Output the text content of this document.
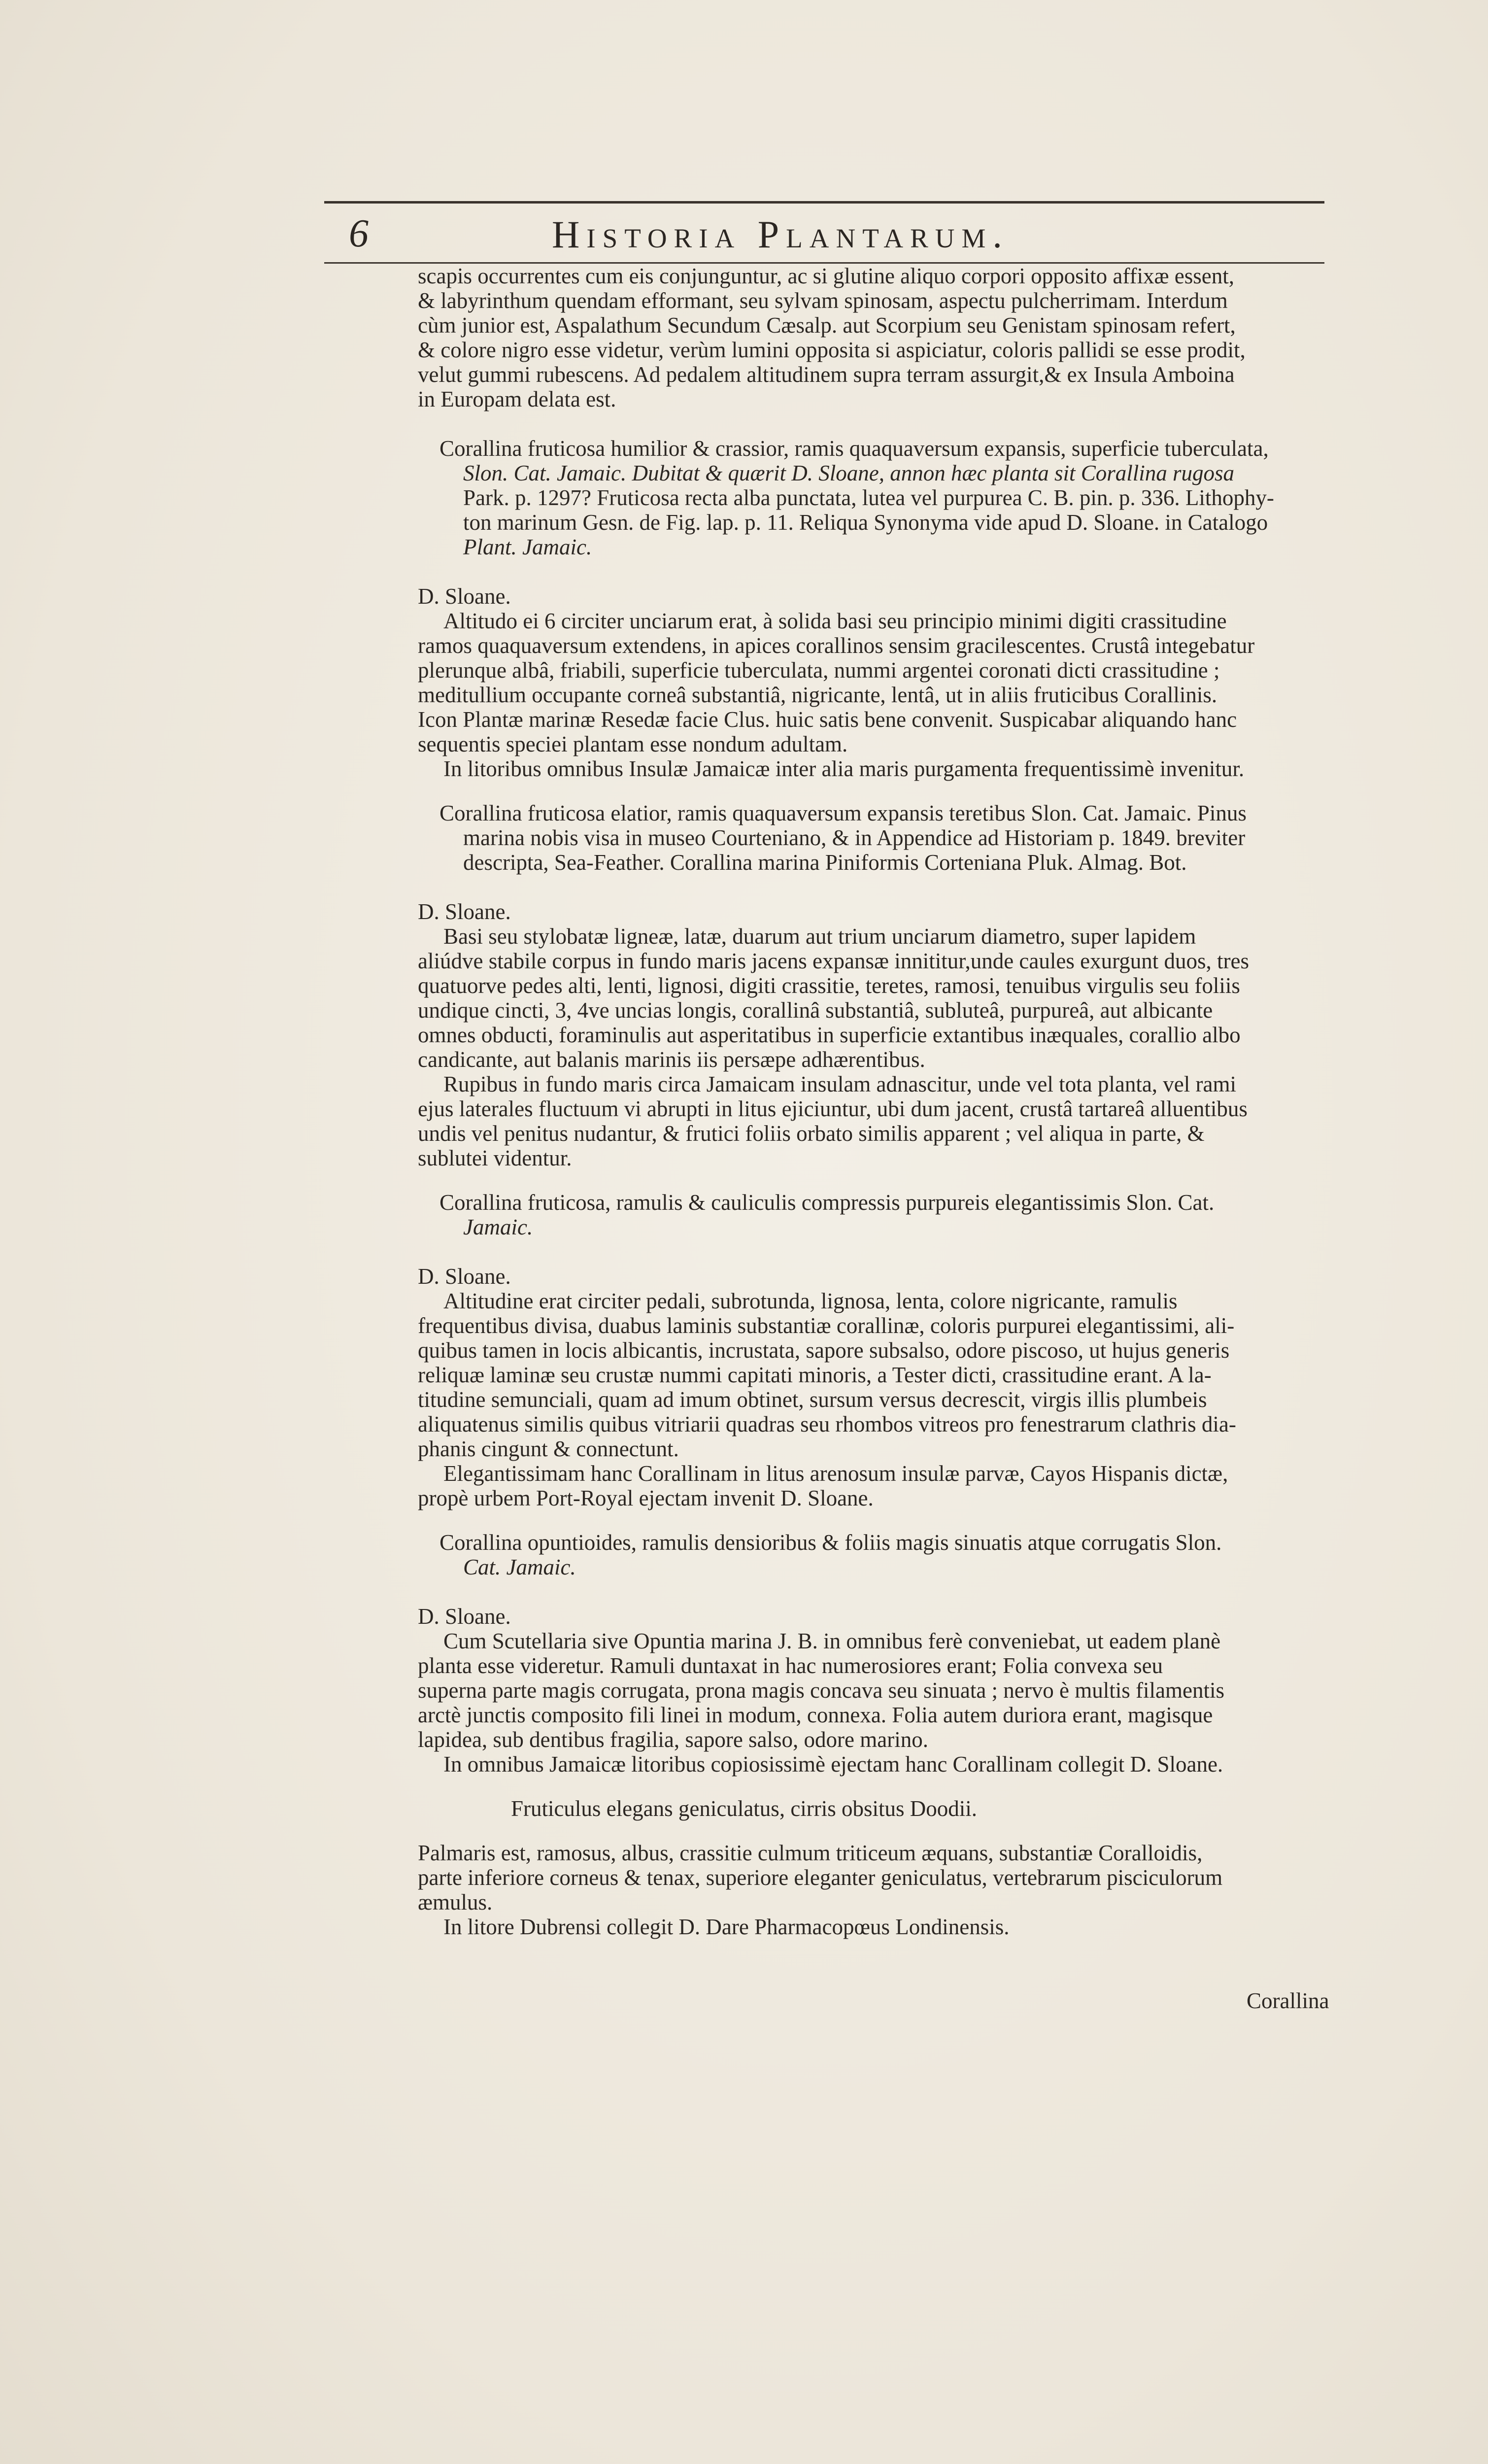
6	Historia Plantarum.
scapis occurrentes cum eis conjunguntur, ac si glutine aliquo corpori opposito affixæ essent,
& labyrinthum quendam efformant, seu sylvam spinosam, aspectu pulcherrimam. Interdum
cùm junior est, Aspalathum Secundum Cæsalp. aut Scorpium seu Genistam spinosam refert,
& colore nigro esse videtur, verùm lumini opposita si aspiciatur, coloris pallidi se esse prodit,
velut gummi rubescens. Ad pedalem altitudinem supra terram assurgit,& ex Insula Amboina
in Europam delata est.
Corallina fruticosa humilior & crassior, ramis quaquaversum expansis, superficie tuberculata,
Slon. Cat. Jamaic. Dubitat & quærit D. Sloane, annon hæc planta sit Corallina rugosa
Park. p. 1297? Fruticosa recta alba punctata, lutea vel purpurea C. B. pin. p. 336. Lithophy-
ton marinum Gesn. de Fig. lap. p. 11. Reliqua Synonyma vide apud D. Sloane. in Catalogo
Plant. Jamaic.
D. Sloane.
Altitudo ei 6 circiter unciarum erat, à solida basi seu principio minimi digiti crassitudine
ramos quaquaversum extendens, in apices corallinos sensim gracilescentes. Crustâ integebatur
plerunque albâ, friabili, superficie tuberculata, nummi argentei coronati dicti crassitudine ;
meditullium occupante corneâ substantiâ, nigricante, lentâ, ut in aliis fruticibus Corallinis.
Icon Plantæ marinæ Resedæ facie Clus. huic satis bene convenit. Suspicabar aliquando hanc
sequentis speciei plantam esse nondum adultam.
In litoribus omnibus Insulæ Jamaicæ inter alia maris purgamenta frequentissimè invenitur.
Corallina fruticosa elatior, ramis quaquaversum expansis teretibus Slon. Cat. Jamaic. Pinus
marina nobis visa in museo Courteniano, & in Appendice ad Historiam p. 1849. breviter
descripta, Sea-Feather. Corallina marina Piniformis Corteniana Pluk. Almag. Bot.
D. Sloane.
Basi seu stylobatæ ligneæ, latæ, duarum aut trium unciarum diametro, super lapidem
aliúdve stabile corpus in fundo maris jacens expansæ innititur,unde caules exurgunt duos, tres
quatuorve pedes alti, lenti, lignosi, digiti crassitie, teretes, ramosi, tenuibus virgulis seu foliis
undique cincti, 3, 4ve uncias longis, corallinâ substantiâ, subluteâ, purpureâ, aut albicante
omnes obducti, foraminulis aut asperitatibus in superficie extantibus inæquales, corallio albo
candicante, aut balanis marinis iis persæpe adhærentibus.
Rupibus in fundo maris circa Jamaicam insulam adnascitur, unde vel tota planta, vel rami
ejus laterales fluctuum vi abrupti in litus ejiciuntur, ubi dum jacent, crustâ tartareâ alluentibus
undis vel penitus nudantur, & frutici foliis orbato similis apparent ; vel aliqua in parte, &
sublutei videntur.
Corallina fruticosa, ramulis & cauliculis compressis purpureis elegantissimis Slon. Cat.
Jamaic.
D. Sloane.
Altitudine erat circiter pedali, subrotunda, lignosa, lenta, colore nigricante, ramulis
frequentibus divisa, duabus laminis substantiæ corallinæ, coloris purpurei elegantissimi, ali-
quibus tamen in locis albicantis, incrustata, sapore subsalso, odore piscoso, ut hujus generis
reliquæ laminæ seu crustæ nummi capitati minoris, a Tester dicti, crassitudine erant. A la-
titudine semunciali, quam ad imum obtinet, sursum versus decrescit, virgis illis plumbeis
aliquatenus similis quibus vitriarii quadras seu rhombos vitreos pro fenestrarum clathris dia-
phanis cingunt & connectunt.
Elegantissimam hanc Corallinam in litus arenosum insulæ parvæ, Cayos Hispanis dictæ,
propè urbem Port-Royal ejectam invenit D. Sloane.
Corallina opuntioides, ramulis densioribus & foliis magis sinuatis atque corrugatis Slon.
Cat. Jamaic.
D. Sloane.
Cum Scutellaria sive Opuntia marina J. B. in omnibus ferè conveniebat, ut eadem planè
planta esse videretur. Ramuli duntaxat in hac numerosiores erant; Folia convexa seu
superna parte magis corrugata, prona magis concava seu sinuata ; nervo è multis filamentis
arctè junctis composito fili linei in modum, connexa. Folia autem duriora erant, magisque
lapidea, sub dentibus fragilia, sapore salso, odore marino.
In omnibus Jamaicæ litoribus copiosissimè ejectam hanc Corallinam collegit D. Sloane.
Fruticulus elegans geniculatus, cirris obsitus Doodii.
Palmaris est, ramosus, albus, crassitie culmum triticeum æquans, substantiæ Coralloidis,
parte inferiore corneus & tenax, superiore eleganter geniculatus, vertebrarum pisciculorum
æmulus.
In litore Dubrensi collegit D. Dare Pharmacopœus Londinensis.
Corallina
